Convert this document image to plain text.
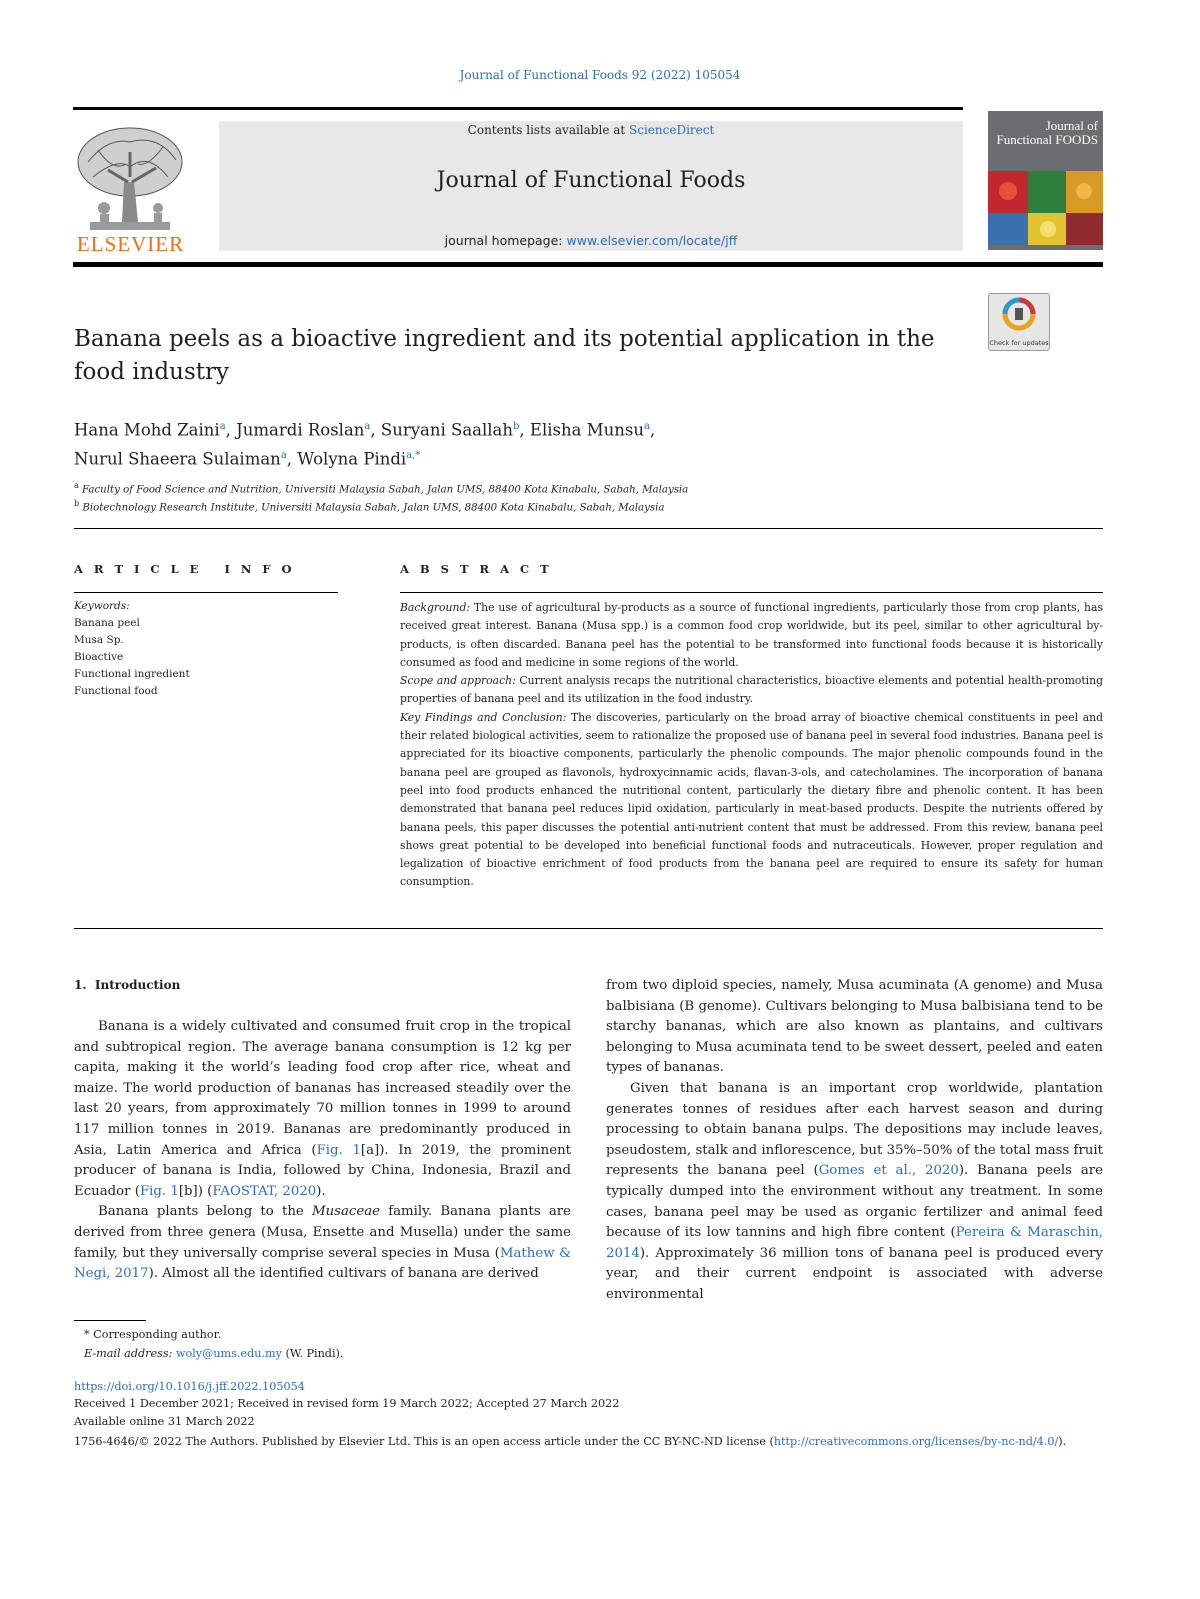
Journal of Functional Foods 92 (2022) 105054
ELSEVIER
Contents lists available at ScienceDirect
Journal of Functional Foods
journal homepage: www.elsevier.com/locate/jff
Journal of Functional FOODS
Check for updates
Banana peels as a bioactive ingredient and its potential application in the food industry
Hana Mohd Zaini$^a$, Jumardi Roslan$^a$, Suryani Saallah$^b$, Elisha Munsu$^a$,
Nurul Shaeera Sulaiman$^a$, Wolyna Pindi$^{a,*}$
$^a$ Faculty of Food Science and Nutrition, Universiti Malaysia Sabah, Jalan UMS, 88400 Kota Kinabalu, Sabah, Malaysia
$^b$ Biotechnology Research Institute, Universiti Malaysia Sabah, Jalan UMS, 88400 Kota Kinabalu, Sabah, Malaysia
A R T I C L E   I N F O
Keywords:
Banana peel
Musa Sp.
Bioactive
Functional ingredient
Functional food
A B S T R A C T

Background: The use of agricultural by-products as a source of functional ingredients, particularly those from crop plants, has received great interest. Banana (Musa spp.) is a common food crop worldwide, but its peel, similar to other agricultural by-products, is often discarded. Banana peel has the potential to be transformed into functional foods because it is historically consumed as food and medicine in some regions of the world.

Scope and approach: Current analysis recaps the nutritional characteristics, bioactive elements and potential health-promoting properties of banana peel and its utilization in the food industry.

Key Findings and Conclusion: The discoveries, particularly on the broad array of bioactive chemical constituents in peel and their related biological activities, seem to rationalize the proposed use of banana peel in several food industries. Banana peel is appreciated for its bioactive components, particularly the phenolic compounds. The major phenolic compounds found in the banana peel are grouped as flavonols, hydroxycinnamic acids, flavan-3-ols, and catecholamines. The incorporation of banana peel into food products enhanced the nutritional content, particularly the dietary fibre and phenolic content. It has been demonstrated that banana peel reduces lipid oxidation, particularly in meat-based products. Despite the nutrients offered by banana peels, this paper discusses the potential anti-nutrient content that must be addressed. From this review, banana peel shows great potential to be developed into beneficial functional foods and nutraceuticals. However, proper regulation and legalization of bioactive enrichment of food products from the banana peel are required to ensure its safety for human consumption.

1.  Introduction

Banana is a widely cultivated and consumed fruit crop in the tropical and subtropical region. The average banana consumption is 12 kg per capita, making it the world’s leading food crop after rice, wheat and maize. The world production of bananas has increased steadily over the last 20 years, from approximately 70 million tonnes in 1999 to around 117 million tonnes in 2019. Bananas are predominantly produced in Asia, Latin America and Africa (Fig. 1[a]). In 2019, the prominent producer of banana is India, followed by China, Indonesia, Brazil and Ecuador (Fig. 1[b]) (FAOSTAT, 2020).

Banana plants belong to the Musaceae family. Banana plants are derived from three genera (Musa, Ensette and Musella) under the same family, but they universally comprise several species in Musa (Mathew & Negi, 2017). Almost all the identified cultivars of banana are derived

from two diploid species, namely, Musa acuminata (A genome) and Musa balbisiana (B genome). Cultivars belonging to Musa balbisiana tend to be starchy bananas, which are also known as plantains, and cultivars belonging to Musa acuminata tend to be sweet dessert, peeled and eaten types of bananas.

Given that banana is an important crop worldwide, plantation generates tonnes of residues after each harvest season and during processing to obtain banana pulps. The depositions may include leaves, pseudostem, stalk and inflorescence, but 35%–50% of the total mass fruit represents the banana peel (Gomes et al., 2020). Banana peels are typically dumped into the environment without any treatment. In some cases, banana peel may be used as organic fertilizer and animal feed because of its low tannins and high fibre content (Pereira & Maraschin, 2014). Approximately 36 million tons of banana peel is produced every year, and their current endpoint is associated with adverse environmental

* Corresponding author.
E-mail address: woly@ums.edu.my (W. Pindi).
https://doi.org/10.1016/j.jff.2022.105054
Received 1 December 2021; Received in revised form 19 March 2022; Accepted 27 March 2022
Available online 31 March 2022
1756-4646/© 2022 The Authors. Published by Elsevier Ltd. This is an open access article under the CC BY-NC-ND license (http://creativecommons.org/licenses/by-nc-nd/4.0/).
